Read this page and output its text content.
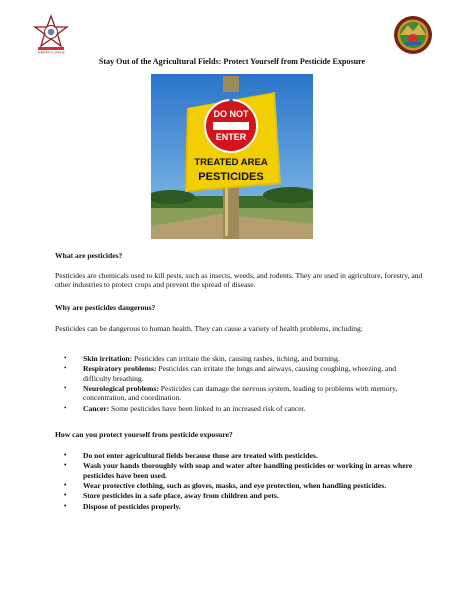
SHERIFF'S OFFICE
Stay Out of the Agricultural Fields: Protect Yourself from Pesticide Exposure
DO NOT
ENTER
TREATED AREA
PESTICIDES
What are pesticides?
Pesticides are chemicals used to kill pests, such as insects, weeds, and rodents. They are used in agriculture, forestry, and other industries to protect crops and prevent the spread of disease.
Why are pesticides dangerous?
Pesticides can be dangerous to human health. They can cause a variety of health problems, including:
• Skin irritation: Pesticides can irritate the skin, causing rashes, itching, and burning.
• Respiratory problems: Pesticides can irritate the lungs and airways, causing coughing, wheezing, and difficulty breathing.
• Neurological problems: Pesticides can damage the nervous system, leading to problems with memory, concentration, and coordination.
• Cancer: Some pesticides have been linked to an increased risk of cancer.
How can you protect yourself from pesticide exposure?
• Do not enter agricultural fields because those are treated with pesticides.
• Wash your hands thoroughly with soap and water after handling pesticides or working in areas where pesticides have been used.
• Wear protective clothing, such as gloves, masks, and eye protection, when handling pesticides.
• Store pesticides in a safe place, away from children and pets.
• Dispose of pesticides properly.
